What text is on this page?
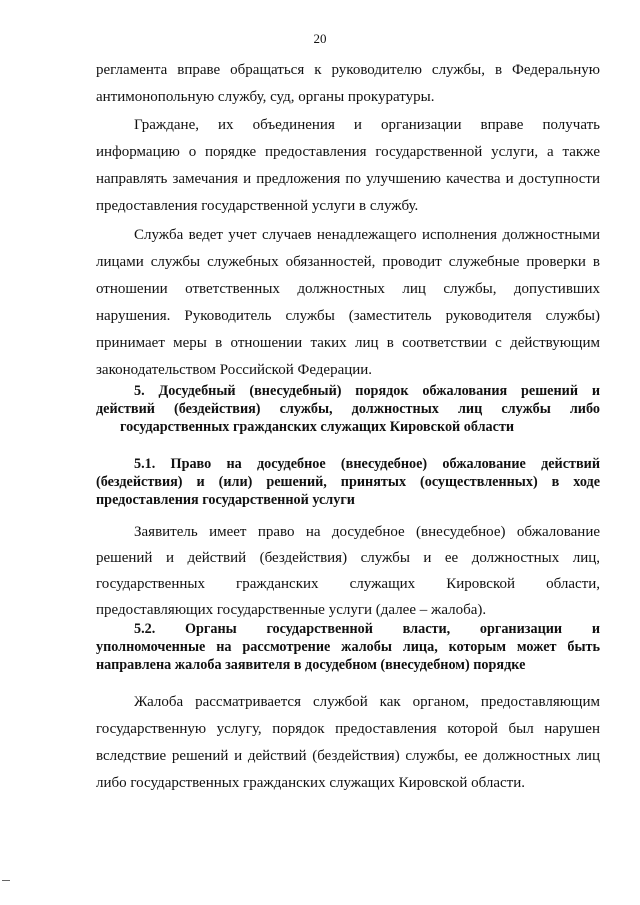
20
регламента вправе обращаться к руководителю службы, в Федеральную
антимонопольную службу, суд, органы прокуратуры.
Граждане, их объединения и организации вправе получать
информацию о порядке предоставления государственной услуги, а также
направлять замечания и предложения по улучшению качества и доступности
предоставления государственной услуги в службу.
Служба ведет учет случаев ненадлежащего исполнения должностными
лицами службы служебных обязанностей, проводит служебные проверки в
отношении ответственных должностных лиц службы, допустивших
нарушения. Руководитель службы (заместитель руководителя службы)
принимает меры в отношении таких лиц в соответствии с действующим
законодательством Российской Федерации.
5. Досудебный (внесудебный) порядок обжалования решений и
действий (бездействия) службы, должностных лиц службы либо
государственных гражданских служащих Кировской области
5.1. Право на досудебное (внесудебное) обжалование действий
(бездействия) и (или) решений, принятых (осуществленных) в ходе
предоставления государственной услуги
Заявитель имеет право на досудебное (внесудебное) обжалование
решений и действий (бездействия) службы и ее должностных лиц,
государственных гражданских служащих Кировской области,
предоставляющих государственные услуги (далее – жалоба).
5.2. Органы государственной власти, организации и
уполномоченные на рассмотрение жалобы лица, которым может быть
направлена жалоба заявителя в досудебном (внесудебном) порядке
Жалоба рассматривается службой как органом, предоставляющим
государственную услугу, порядок предоставления которой был нарушен
вследствие решений и действий (бездействия) службы, ее должностных лиц
либо государственных гражданских служащих Кировской области.
